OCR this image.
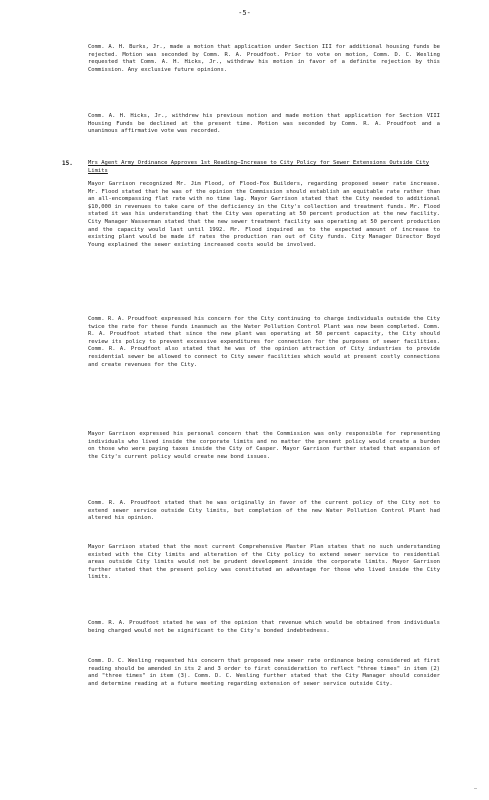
-5-
Comm. A. H. Burks, Jr., made a motion that application under Section III for additional housing funds be rejected. Motion was seconded by Comm. R. A. Proudfoot. Prior to vote on motion, Comm. D. C. Wesling requested that Comm. A. H. Hicks, Jr., withdraw his motion in favor of a definite rejection by this Commission. Any exclusive future opinions.
Comm. A. H. Hicks, Jr., withdrew his previous motion and made motion that application for Section VIII Housing Funds be declined at the present time. Motion was seconded by Comm. R. A. Proudfoot and a unanimous affirmative vote was recorded.
15.	Mrs Agent Army Ordinance Approves 1st Reading—Increase to City Policy for Sewer Extensions Outside City Limits
Mayor Garrison recognized Mr. Jim Flood, of Flood-Fox Builders, regarding proposed sewer rate increase. Mr. Flood stated that he was of the opinion the Commission should establish an equitable rate rather than an all-encompassing flat rate with no time lag. Mayor Garrison stated that the City needed to additional $10,000 in revenues to take care of the deficiency in the City's collection and treatment funds. Mr. Flood stated it was his understanding that the City was operating at 50 percent production at the new facility. City Manager Wasserman stated that the new sewer treatment facility was operating at 50 percent production and the capacity would last until 1992. Mr. Flood inquired as to the expected amount of increase to existing plant would be made if rates the production ran out of City funds. City Manager Director Boyd Young explained the sewer existing increased costs would be involved.
Comm. R. A. Proudfoot expressed his concern for the City continuing to charge individuals outside the City twice the rate for these funds inasmuch as the Water Pollution Control Plant was now been completed. Comm. R. A. Proudfoot stated that since the new plant was operating at 50 percent capacity, the City should review its policy to prevent excessive expenditures for connection for the purposes of sewer facilities. Comm. R. A. Proudfoot also stated that he was of the opinion attraction of City industries to provide residential sewer be allowed to connect to City sewer facilities which would at present costly connections and create revenues for the City.
Mayor Garrison expressed his personal concern that the Commission was only responsible for representing individuals who lived inside the corporate limits and no matter the present policy would create a burden on those who were paying taxes inside the City of Casper. Mayor Garrison further stated that expansion of the City's current policy would create new bond issues.
Comm. R. A. Proudfoot stated that he was originally in favor of the current policy of the City not to extend sewer service outside City limits, but completion of the new Water Pollution Control Plant had altered his opinion.
Mayor Garrison stated that the most current Comprehensive Master Plan states that no such understanding existed with the City limits and alteration of the City policy to extend sewer service to residential areas outside City limits would not be prudent development inside the corporate limits. Mayor Garrison further stated that the present policy was constituted an advantage for those who lived inside the City limits.
Comm. R. A. Proudfoot stated he was of the opinion that revenue which would be obtained from individuals being charged would not be significant to the City's bonded indebtedness.
Comm. D. C. Wesling requested his concern that proposed new sewer rate ordinance being considered at first reading should be amended in its 2 and 3 order to first consideration to reflect "three times" in item (2) and "three times" in item (3). Comm. D. C. Wesling further stated that the City Manager should consider and determine reading at a future meeting regarding extension of sewer service outside City.
—
